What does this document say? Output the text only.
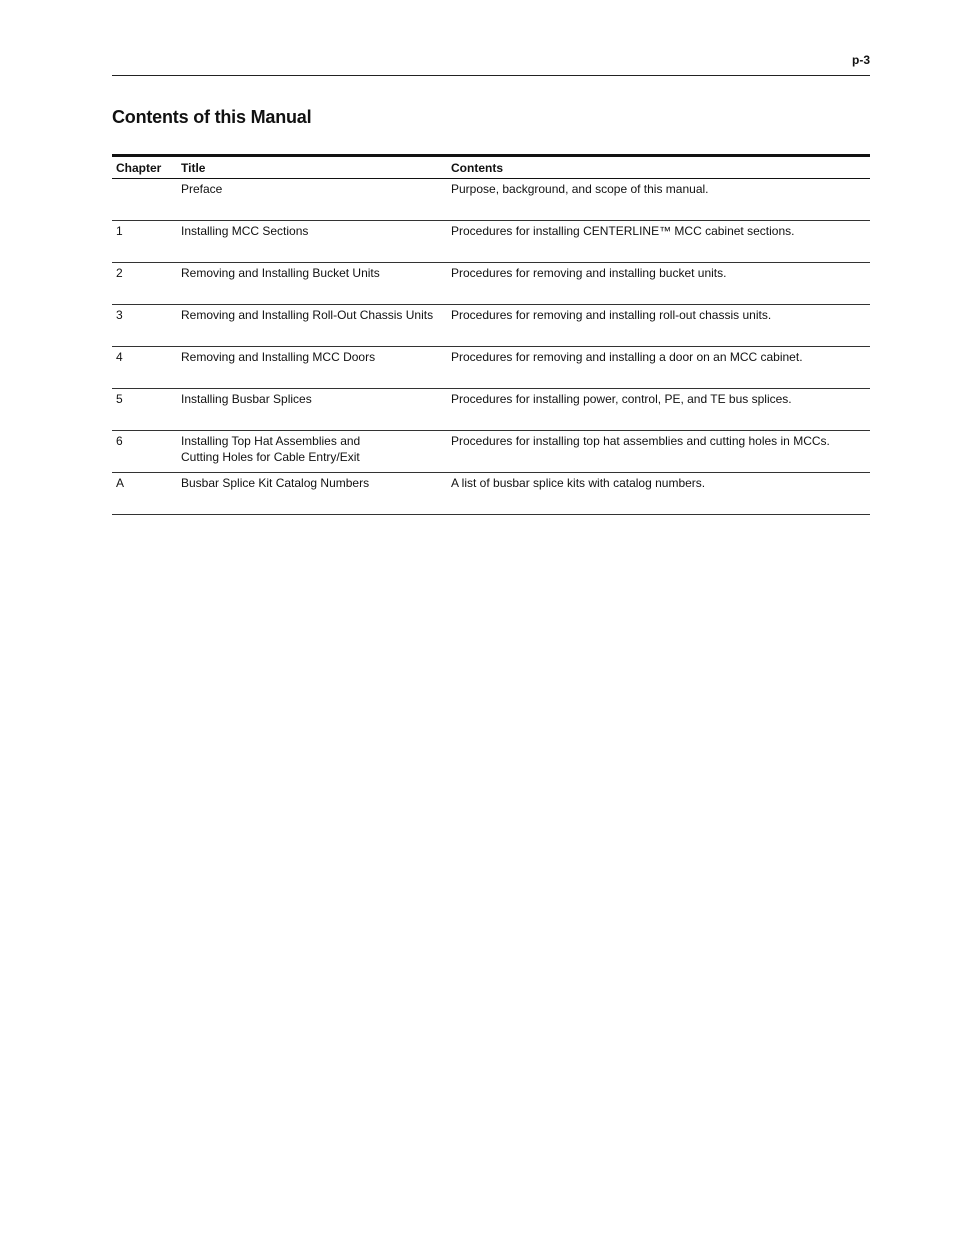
p-3
Contents of this Manual
Chapter	Title	Contents

	Preface	Purpose, background, and scope of this manual.
1	Installing MCC Sections	Procedures for installing CENTERLINE™ MCC cabinet sections.
2	Removing and Installing Bucket Units	Procedures for removing and installing bucket units.
3	Removing and Installing Roll-Out Chassis Units	Procedures for removing and installing roll-out chassis units.
4	Removing and Installing MCC Doors	Procedures for removing and installing a door on an MCC cabinet.
5	Installing Busbar Splices	Procedures for installing power, control, PE, and TE bus splices.
6	Installing Top Hat Assemblies and
Cutting Holes for Cable Entry/Exit	Procedures for installing top hat assemblies and cutting holes in MCCs.
A	Busbar Splice Kit Catalog Numbers	A list of busbar splice kits with catalog numbers.
